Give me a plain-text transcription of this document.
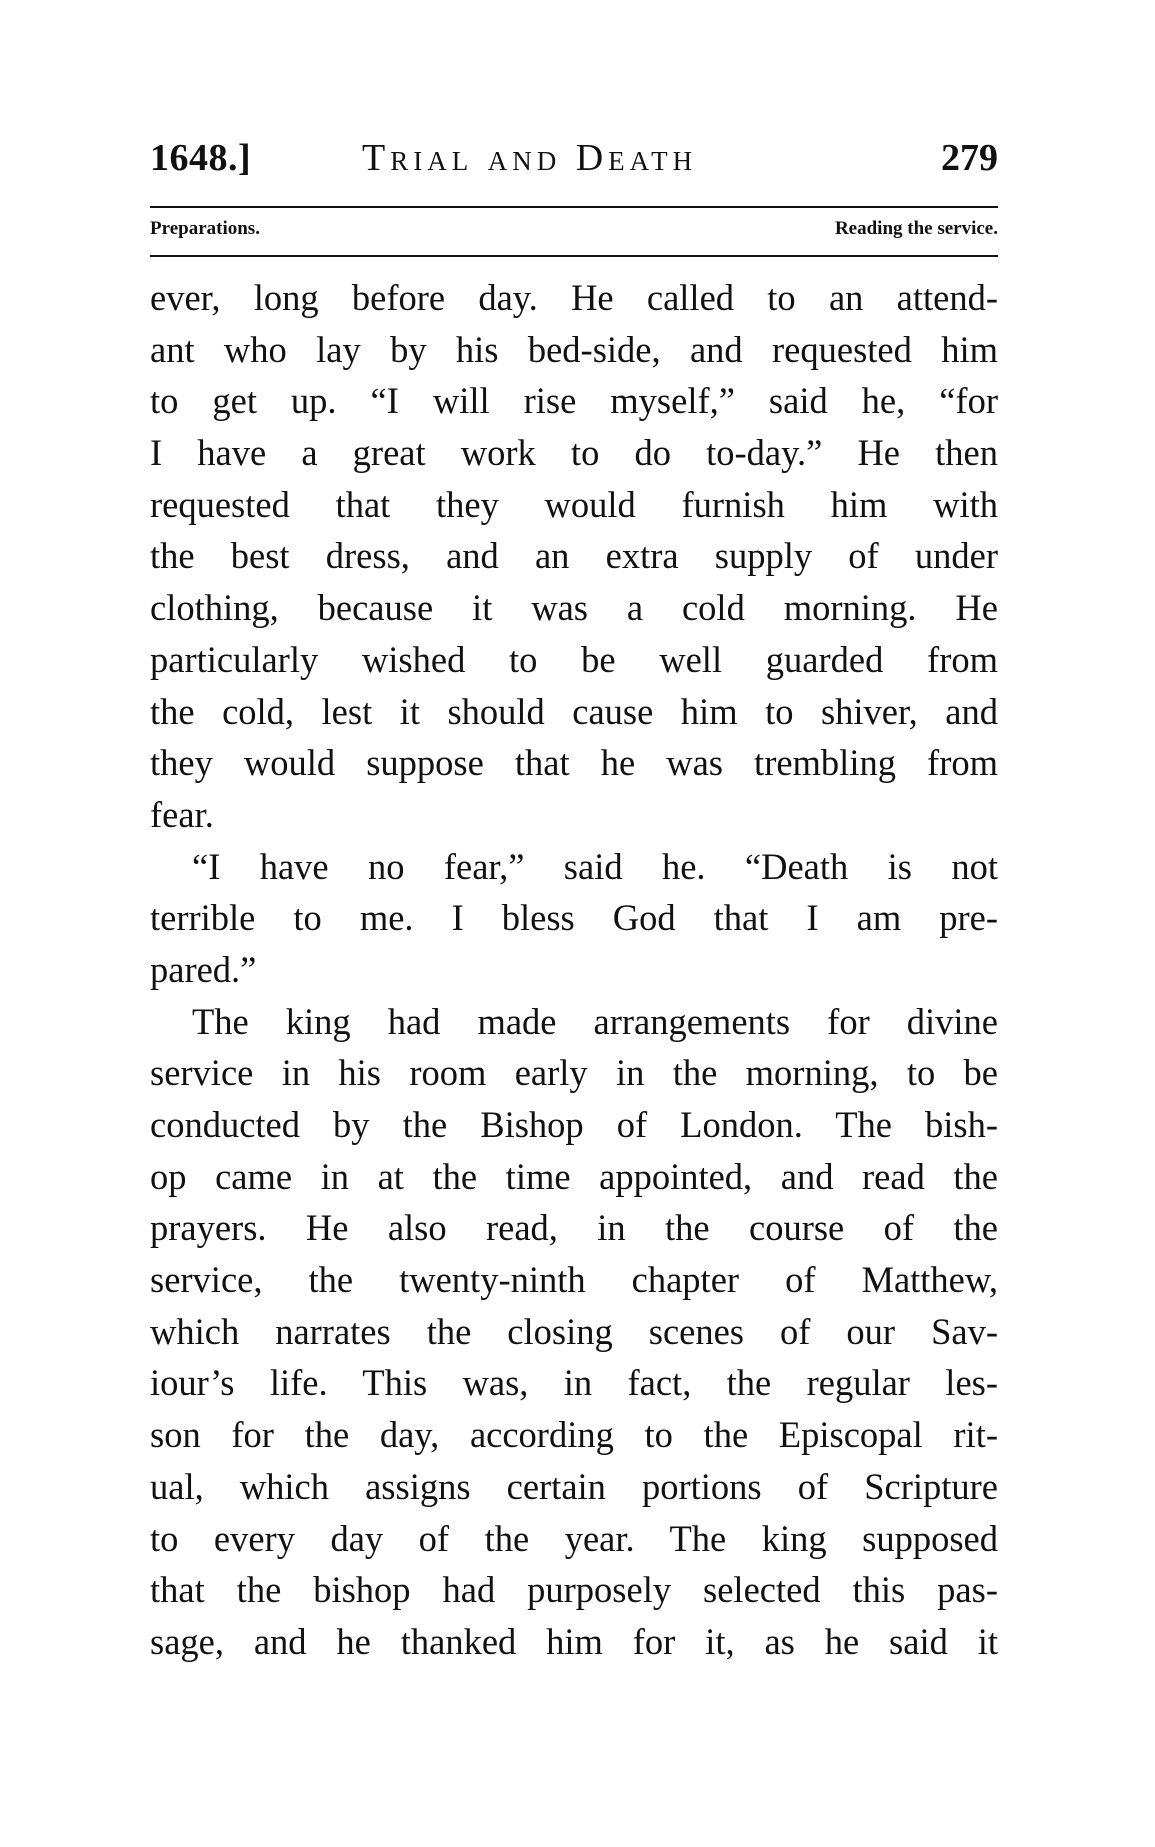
1648.]	Trial and Death	279
Preparations.	Reading the service.
ever, long before day. He called to an attend-
ant who lay by his bed-side, and requested him
to get up. “I will rise myself,” said he, “for
I have a great work to do to-day.” He then
requested that they would furnish him with
the best dress, and an extra supply of under
clothing, because it was a cold morning. He
particularly wished to be well guarded from
the cold, lest it should cause him to shiver, and
they would suppose that he was trembling from
fear.
“I have no fear,” said he. “Death is not
terrible to me. I bless God that I am pre-
pared.”
The king had made arrangements for divine
service in his room early in the morning, to be
conducted by the Bishop of London. The bish-
op came in at the time appointed, and read the
prayers. He also read, in the course of the
service, the twenty-ninth chapter of Matthew,
which narrates the closing scenes of our Sav-
iour’s life. This was, in fact, the regular les-
son for the day, according to the Episcopal rit-
ual, which assigns certain portions of Scripture
to every day of the year. The king supposed
that the bishop had purposely selected this pas-
sage, and he thanked him for it, as he said it
